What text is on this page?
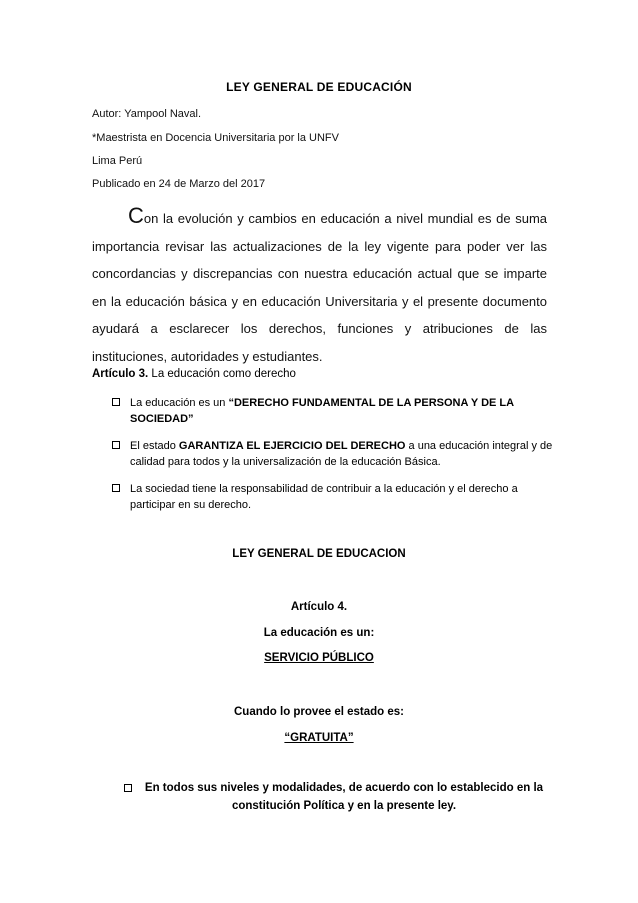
LEY GENERAL DE EDUCACIÓN
Autor: Yampool Naval.
*Maestrista en Docencia Universitaria por la UNFV
Lima Perú
Publicado en 24 de Marzo del 2017
Con la evolución y cambios en educación a nivel mundial es de suma importancia revisar las actualizaciones de la ley vigente para poder ver las concordancias y discrepancias con nuestra educación actual que se imparte en la educación básica y en educación Universitaria y el presente documento ayudará a esclarecer los derechos, funciones y atribuciones de las instituciones, autoridades y estudiantes.
Artículo 3. La educación como derecho
La educación es un “DERECHO FUNDAMENTAL DE LA PERSONA Y DE LA SOCIEDAD”
El estado GARANTIZA EL EJERCICIO DEL DERECHO a una educación integral y de calidad para todos y la universalización de la educación Básica.
La sociedad tiene la responsabilidad de contribuir a la educación y el derecho a participar en su derecho.
LEY GENERAL DE EDUCACION
Artículo 4.
La educación es un:
SERVICIO PÚBLICO
Cuando lo provee el estado es:
“GRATUITA”
En todos sus niveles y modalidades, de acuerdo con lo establecido en la constitución Política y en la presente ley.
